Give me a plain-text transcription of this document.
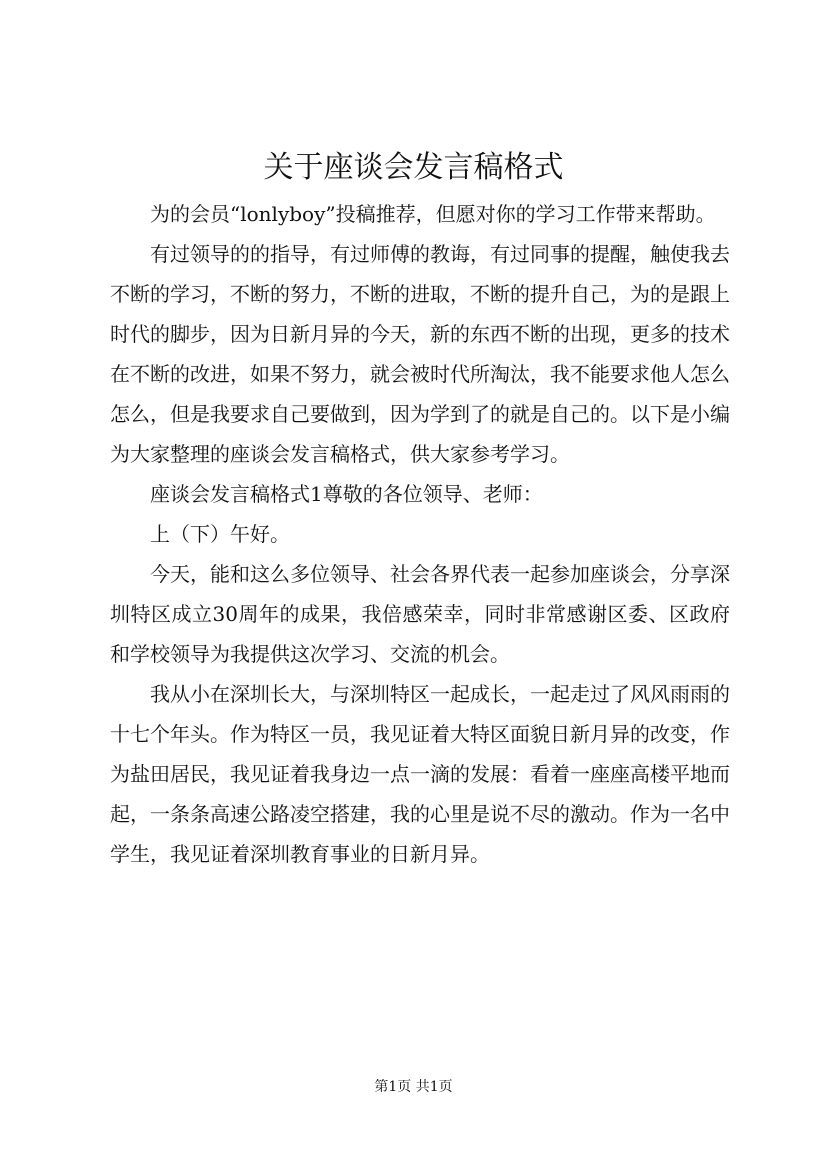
关于座谈会发言稿格式

为的会员“lonlyboy”投稿推荐，但愿对你的学习工作带来帮助。

有过领导的的指导，有过师傅的教诲，有过同事的提醒，触使我去不断的学习，不断的努力，不断的进取，不断的提升自己，为的是跟上时代的脚步，因为日新月异的今天，新的东西不断的出现，更多的技术在不断的改进，如果不努力，就会被时代所淘汰，我不能要求他人怎么怎么，但是我要求自己要做到，因为学到了的就是自己的。以下是小编为大家整理的座谈会发言稿格式，供大家参考学习。

座谈会发言稿格式1尊敬的各位领导、老师：

上（下）午好。

今天，能和这么多位领导、社会各界代表一起参加座谈会，分享深圳特区成立30周年的成果，我倍感荣幸，同时非常感谢区委、区政府和学校领导为我提供这次学习、交流的机会。

我从小在深圳长大，与深圳特区一起成长，一起走过了风风雨雨的十七个年头。作为特区一员，我见证着大特区面貌日新月异的改变，作为盐田居民，我见证着我身边一点一滴的发展：看着一座座高楼平地而起，一条条高速公路凌空搭建，我的心里是说不尽的激动。作为一名中学生，我见证着深圳教育事业的日新月异。

第1页 共1页
